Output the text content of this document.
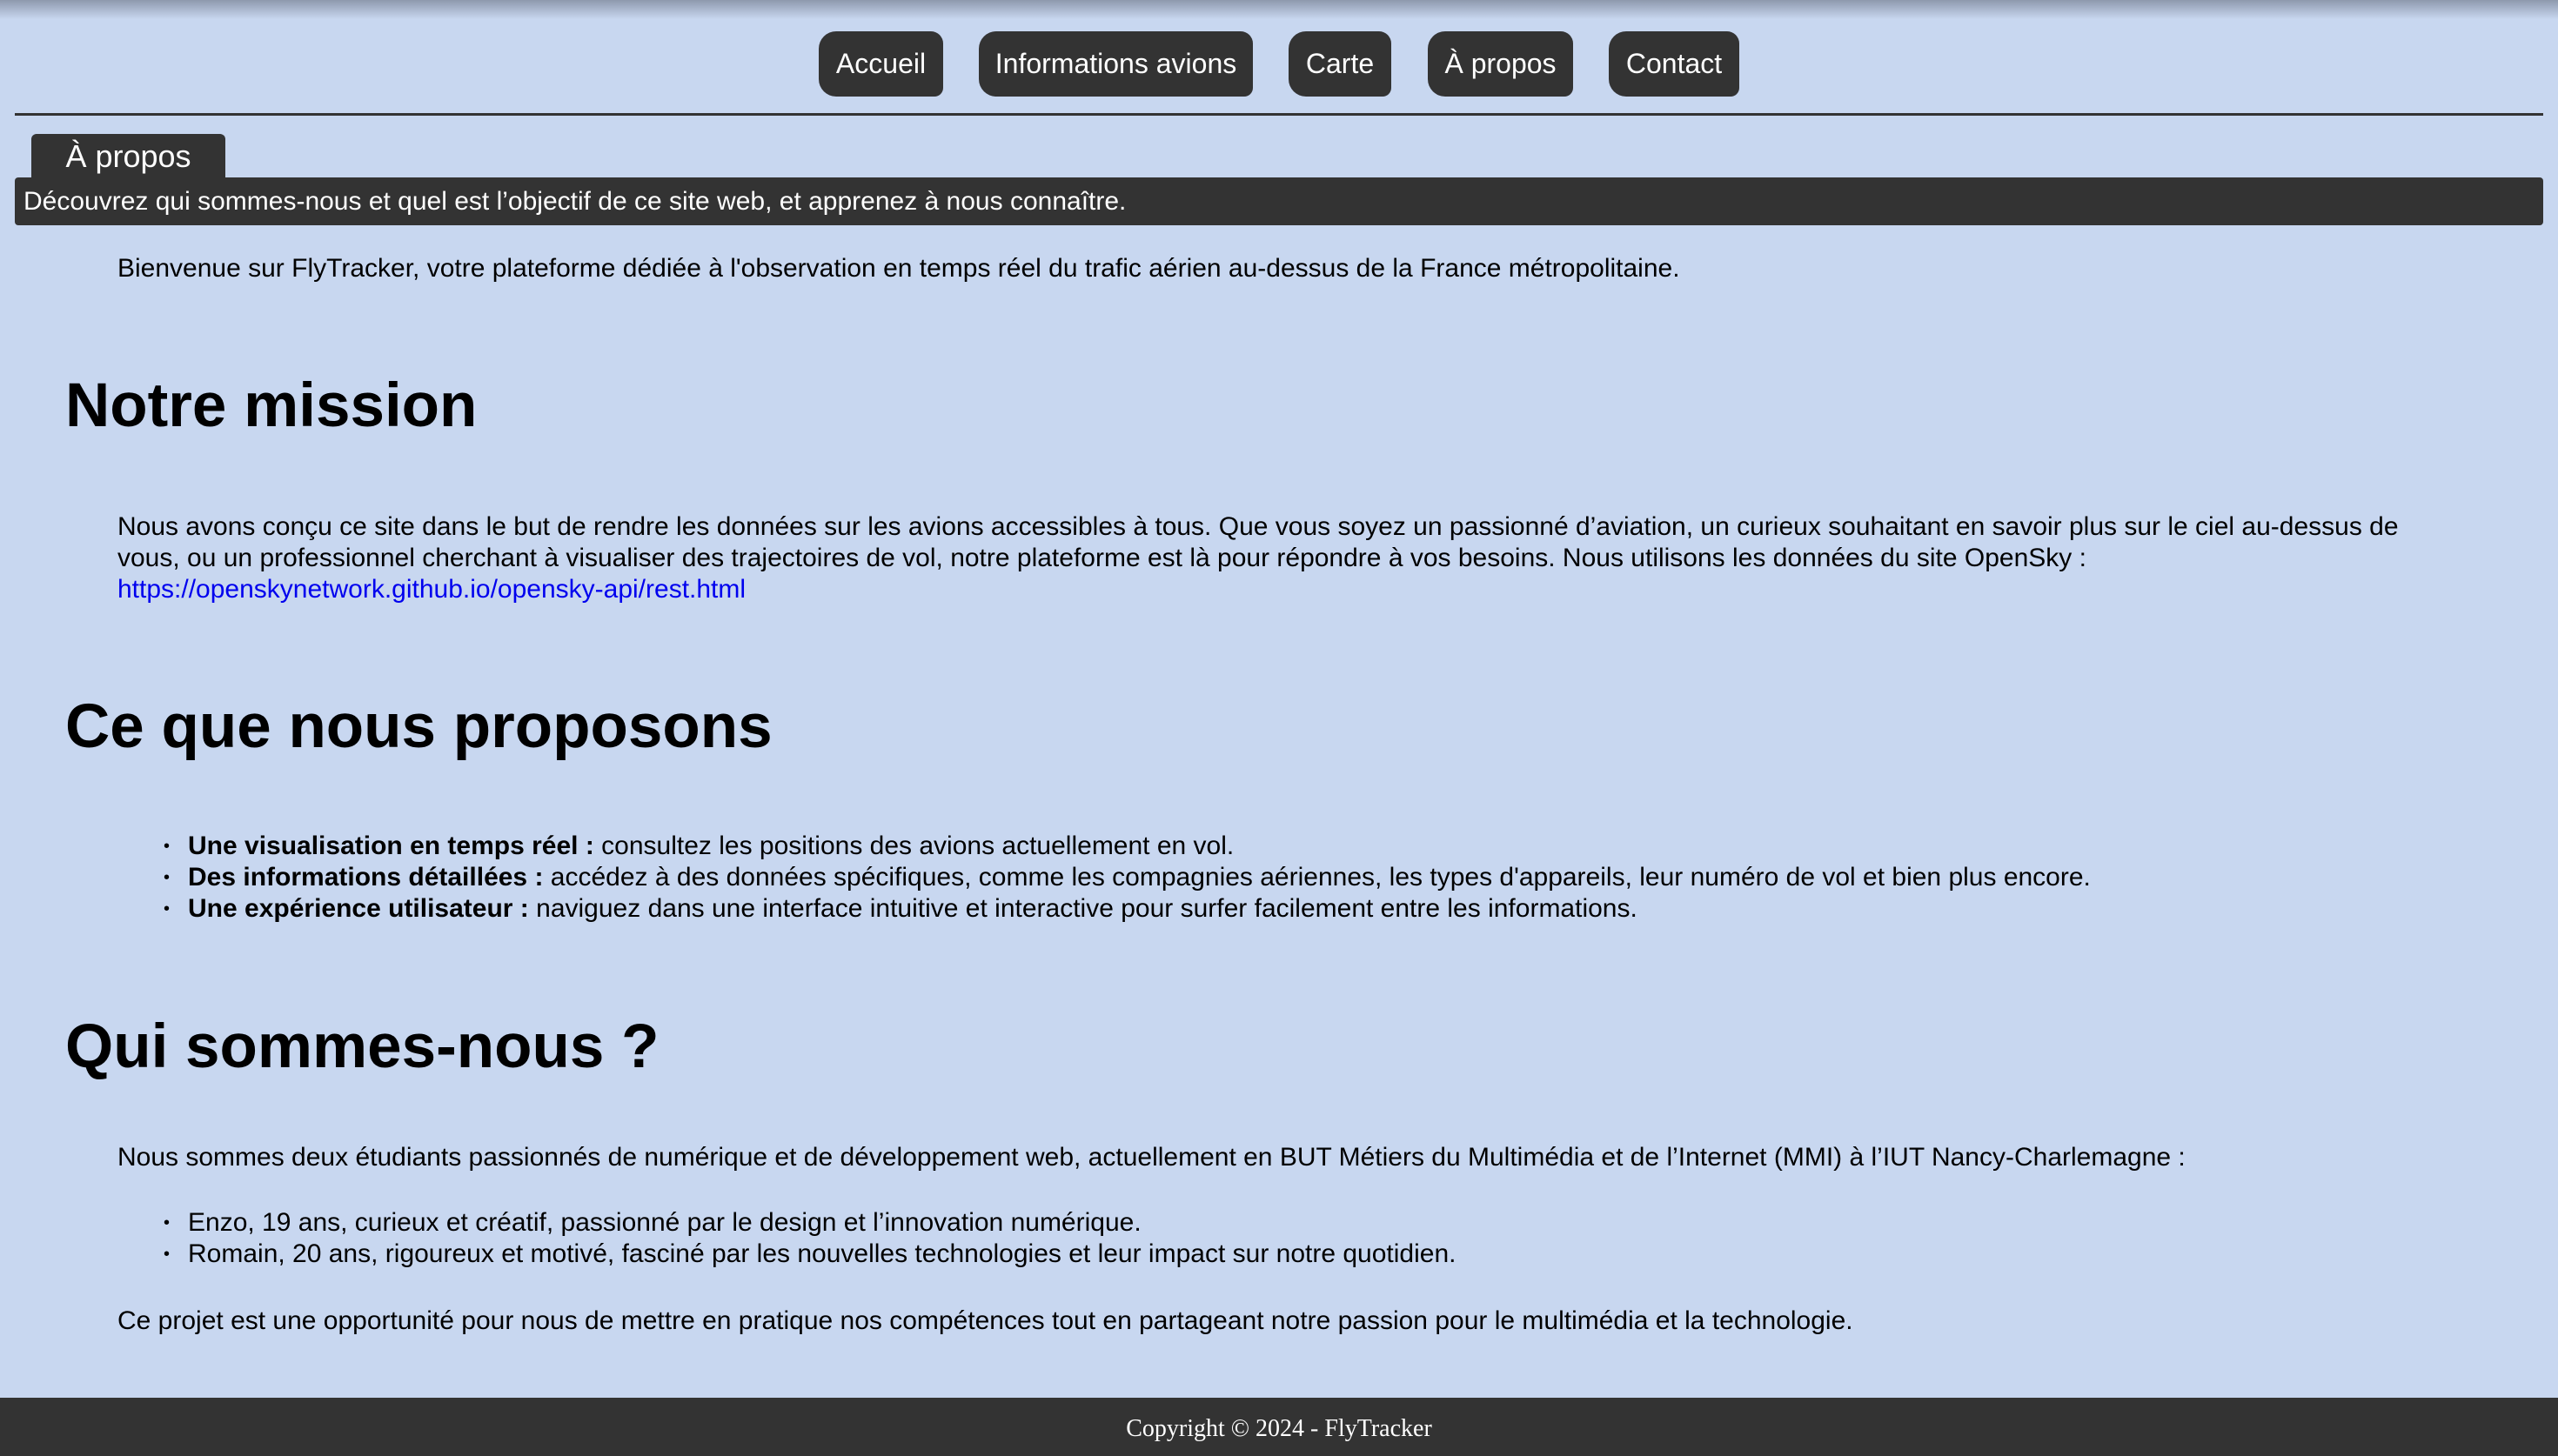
Accueil	Informations avions	Carte	À propos	Contact
À propos
Découvrez qui sommes-nous et quel est l’objectif de ce site web, et apprenez à nous connaître.

Bienvenue sur FlyTracker, votre plateforme dédiée à l'observation en temps réel du trafic aérien au-dessus de la France métropolitaine.

Notre mission

Nous avons conçu ce site dans le but de rendre les données sur les avions accessibles à tous. Que vous soyez un passionné d’aviation, un curieux souhaitant en savoir plus sur le ciel au-dessus de vous, ou un professionnel cherchant à visualiser des trajectoires de vol, notre plateforme est là pour répondre à vos besoins. Nous utilisons les données du site OpenSky :
https://openskynetwork.github.io/opensky-api/rest.html

Ce que nous proposons
• Une visualisation en temps réel : consultez les positions des avions actuellement en vol.
• Des informations détaillées : accédez à des données spécifiques, comme les compagnies aériennes, les types d'appareils, leur numéro de vol et bien plus encore.
• Une expérience utilisateur : naviguez dans une interface intuitive et interactive pour surfer facilement entre les informations.
Qui sommes-nous ?

Nous sommes deux étudiants passionnés de numérique et de développement web, actuellement en BUT Métiers du Multimédia et de l’Internet (MMI) à l’IUT Nancy-Charlemagne :

• Enzo, 19 ans, curieux et créatif, passionné par le design et l’innovation numérique.
• Romain, 20 ans, rigoureux et motivé, fasciné par les nouvelles technologies et leur impact sur notre quotidien.

Ce projet est une opportunité pour nous de mettre en pratique nos compétences tout en partageant notre passion pour le multimédia et la technologie.

Copyright © 2024 - FlyTracker
